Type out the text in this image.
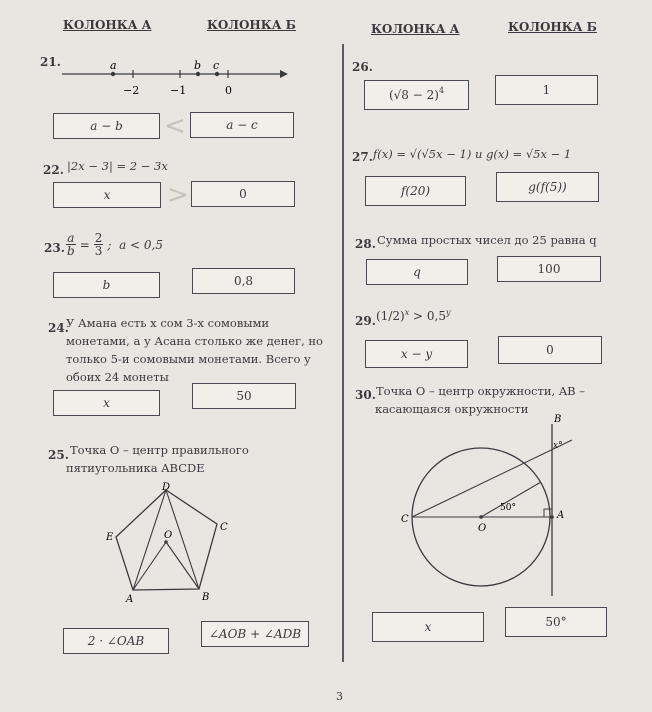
КОЛОНКА А	КОЛОНКА Б	КОЛОНКА А	КОЛОНКА Б
21.	a	b c
−2	−1	0
a − b	<	a − c
22. |2x − 3| = 2 − 3x
x	>	0
23. $\frac{a}{b} = \frac{2}{3}$ ;  a < 0,5
b	0,8
24.
У Амана есть x сом 3-х сомовыми
монетами, а у Асана столько же денег, но
только 5-и сомовыми монетами. Всего у
обоих 24 монеты
x	50
25. Точка O – центр правильного
пятиугольника ABCDE
D
C
B
A
E	O
2 · ∠OAB	∠AOB + ∠ADB
26.
$(√8 - 2)^4$	1
27. f(x) = √(√5x − 1) и g(x) = √5x − 1
f(20)	g(f(5))
28. Сумма простых чисел до 25 равна q
q	100
29. $(1/2)^x > 0,5^y$
x − y	0
30. Точка O – центр окружности, AB –
касающаяся окружности
B
A
C
O
x°
50°
x	50°
3
